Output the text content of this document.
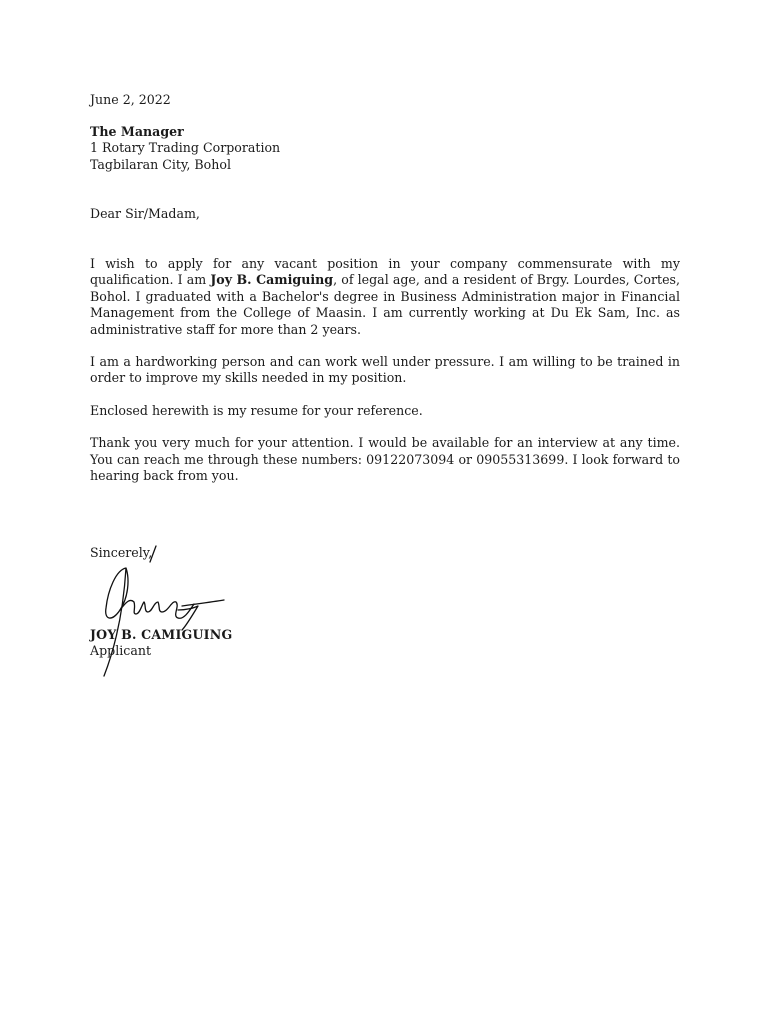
June 2, 2022
The Manager
1 Rotary Trading Corporation
Tagbilaran City, Bohol
Dear Sir/Madam,

I wish to apply for any vacant position in your company commensurate with my qualification. I am Joy B. Camiguing, of legal age, and a resident of Brgy. Lourdes, Cortes, Bohol. I graduated with a Bachelor's degree in Business Administration major in Financial Management from the College of Maasin. I am currently working at Du Ek Sam, Inc. as administrative staff for more than 2 years.

I am a hardworking person and can work well under pressure. I am willing to be trained in order to improve my skills needed in my position.

Enclosed herewith is my resume for your reference.

Thank you very much for your attention. I would be available for an interview at any time. You can reach me through these numbers: 09122073094 or 09055313699. I look forward to hearing back from you.

Sincerely,
JOY B. CAMIGUING
Applicant
